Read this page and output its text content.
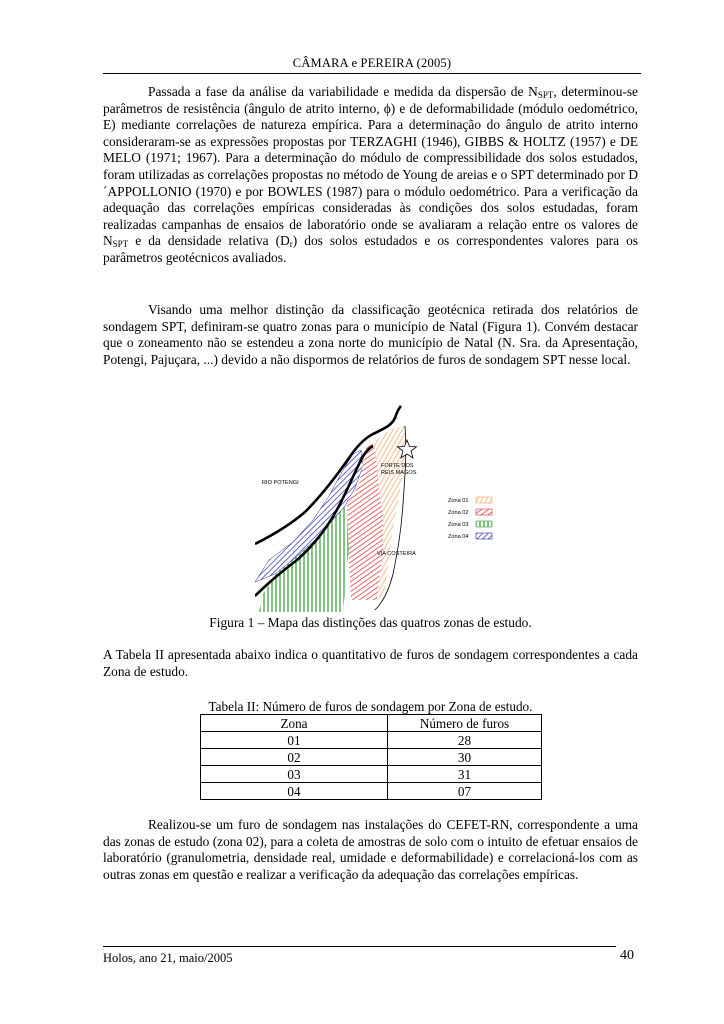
CÂMARA e PEREIRA (2005)
Passada a fase da análise da variabilidade e medida da dispersão de $N_{SPT}$, determinou-se parâmetros de resistência (ângulo de atrito interno, ϕ) e de deformabilidade (módulo oedométrico, E) mediante correlações de natureza empírica. Para a determinação do ângulo de atrito interno consideraram-se as expressões propostas por TERZAGHI (1946), GIBBS & HOLTZ (1957) e DE MELO (1971; 1967). Para a determinação do módulo de compressibilidade dos solos estudados, foram utilizadas as correlações propostas no método de Young de areias e o SPT determinado por D´APPOLLONIO (1970) e por BOWLES (1987) para o módulo oedométrico. Para a verificação da adequação das correlações empíricas consideradas às condições dos solos estudadas, foram realizadas campanhas de ensaios de laboratório onde se avaliaram a relação entre os valores de $N_{SPT}$ e da densidade relativa $(D_r)$ dos solos estudados e os correspondentes valores para os parâmetros geotécnicos avaliados.
Visando uma melhor distinção da classificação geotécnica retirada dos relatórios de sondagem SPT, definiram-se quatro zonas para o município de Natal (Figura 1). Convém destacar que o zoneamento não se estendeu a zona norte do município de Natal (N. Sra. da Apresentação, Potengi, Pajuçara, ...) devido a não dispormos de relatórios de furos de sondagem SPT nesse local.
FORTE DOS
REIS MAGOS
RIO POTENGI
VIA COSTEIRA
Zona 01
Zona 02
Zona 03
Zona 04
Figura 1 – Mapa das distinções das quatros zonas de estudo.
A Tabela II apresentada abaixo indica o quantitativo de furos de sondagem correspondentes a cada Zona de estudo.
Tabela II: Número de furos de sondagem por Zona de estudo.
Zona	Número de furos
01	28
02	30
03	31
04	07
Realizou-se um furo de sondagem nas instalações do CEFET-RN, correspondente a uma das zonas de estudo (zona 02), para a coleta de amostras de solo com o intuito de efetuar ensaios de laboratório (granulometria, densidade real, umidade e deformabilidade) e correlacioná-los com as outras zonas em questão e realizar a verificação da adequação das correlações empíricas.
Holos, ano 21, maio/2005	40
